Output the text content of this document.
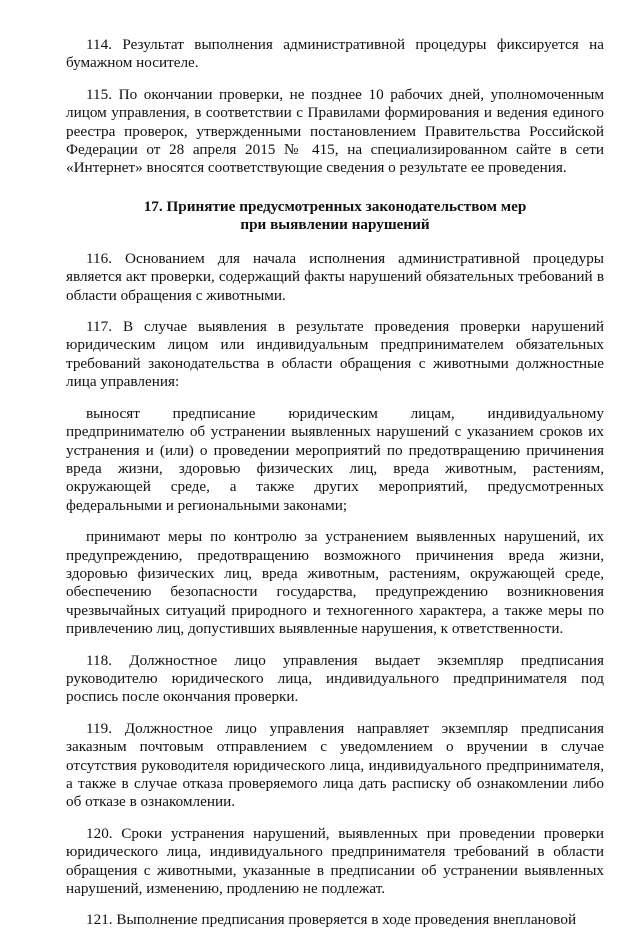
114. Результат выполнения административной процедуры фиксируется на бумажном носителе.

115. По окончании проверки, не позднее 10 рабочих дней, уполномоченным лицом управления, в соответствии с Правилами формирования и ведения единого реестра проверок, утвержденными постановлением Правительства Российской Федерации от 28 апреля 2015 № 415, на специализированном сайте в сети «Интернет» вносятся соответствующие сведения о результате ее проведения.

17. Принятие предусмотренных законодательством мер
при выявлении нарушений

116. Основанием для начала исполнения административной процедуры является акт проверки, содержащий факты нарушений обязательных требований в области обращения с животными.

117. В случае выявления в результате проведения проверки нарушений юридическим лицом или индивидуальным предпринимателем обязательных требований законодательства в области обращения с животными должностные лица управления:

выносят предписание юридическим лицам, индивидуальному предпринимателю об устранении выявленных нарушений с указанием сроков их устранения и (или) о проведении мероприятий по предотвращению причинения вреда жизни, здоровью физических лиц, вреда животным, растениям, окружающей среде, а также других мероприятий, предусмотренных федеральными и региональными законами;

принимают меры по контролю за устранением выявленных нарушений, их предупреждению, предотвращению возможного причинения вреда жизни, здоровью физических лиц, вреда животным, растениям, окружающей среде, обеспечению безопасности государства, предупреждению возникновения чрезвычайных ситуаций природного и техногенного характера, а также меры по привлечению лиц, допустивших выявленные нарушения, к ответственности.

118. Должностное лицо управления выдает экземпляр предписания руководителю юридического лица, индивидуального предпринимателя под роспись после окончания проверки.

119. Должностное лицо управления направляет экземпляр предписания заказным почтовым отправлением с уведомлением о вручении в случае отсутствия руководителя юридического лица, индивидуального предпринимателя, а также в случае отказа проверяемого лица дать расписку об ознакомлении либо об отказе в ознакомлении.

120. Сроки устранения нарушений, выявленных при проведении проверки юридического лица, индивидуального предпринимателя требований в области обращения с животными, указанные в предписании об устранении выявленных нарушений, изменению, продлению не подлежат.

121. Выполнение предписания проверяется в ходе проведения внеплановой
